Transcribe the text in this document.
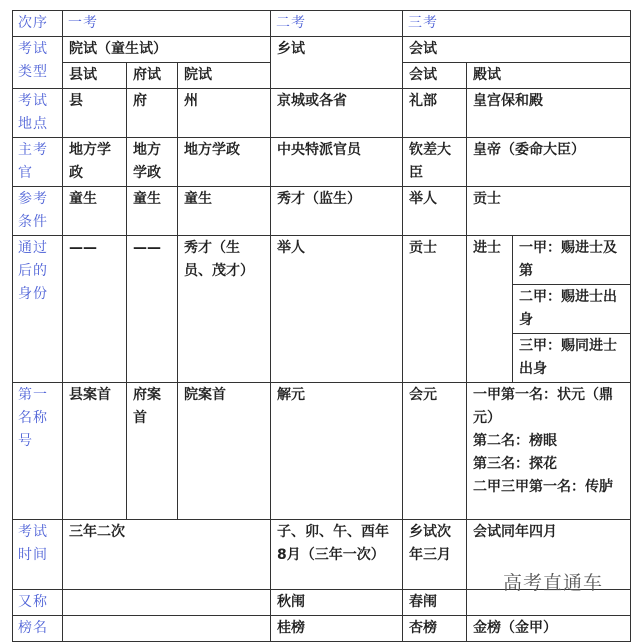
次序	一考			二考	三考		
考试类型	院试（童生试）			乡试	会试		
	县试	府试	院试		会试	殿试	
考试地点	县	府	州	京城或各省	礼部	皇宫保和殿	
主考官	地方学政	地方学政	地方学政	中央特派官员	钦差大臣	皇帝（委命大臣）	
参考条件	童生	童生	童生	秀才（监生）	举人	贡士	
通过后的身份	——	——	秀才（生员、茂才）	举人	贡士	进士	一甲：赐进士及第
							二甲：赐进士出身
							三甲：赐同进士出身
第一名称号	县案首	府案首	院案首	解元	会元	一甲第一名：状元（鼎元）
第二名：榜眼
第三名：探花
二甲三甲第一名：传胪	
考试时间	三年二次			子、卯、午、酉年8月（三年一次）	乡试次年三月	会试同年四月	
又称				秋闱	春闱		
榜名				桂榜	杏榜	金榜（金甲）	
高考直通车
